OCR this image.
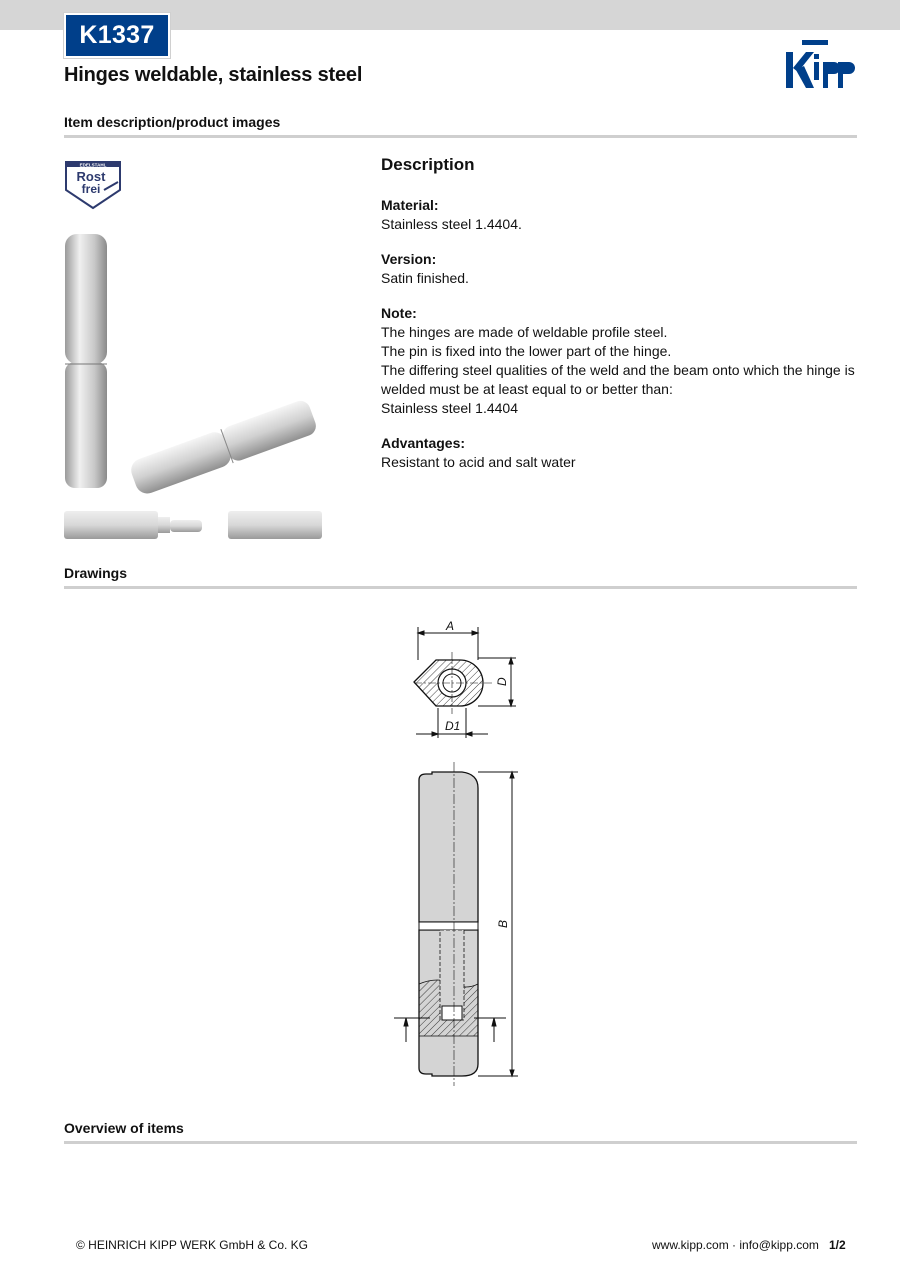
K1337
Hinges weldable, stainless steel
Kipp
Item description/product images
EDELSTAHL
Rost
frei
Description
Material:
Stainless steel 1.4404.
Version:
Satin finished.
Note:
The hinges are made of weldable profile steel.
The pin is fixed into the lower part of the hinge.
The differing steel qualities of the weld and the beam onto which the hinge is welded must be at least equal to or better than:
Stainless steel 1.4404
Advantages:
Resistant to acid and salt water
Drawings
A
D
D1
B
Overview of items
© HEINRICH KIPP WERK GmbH & Co. KG	www.kipp.com · info@kipp.com 1/2
